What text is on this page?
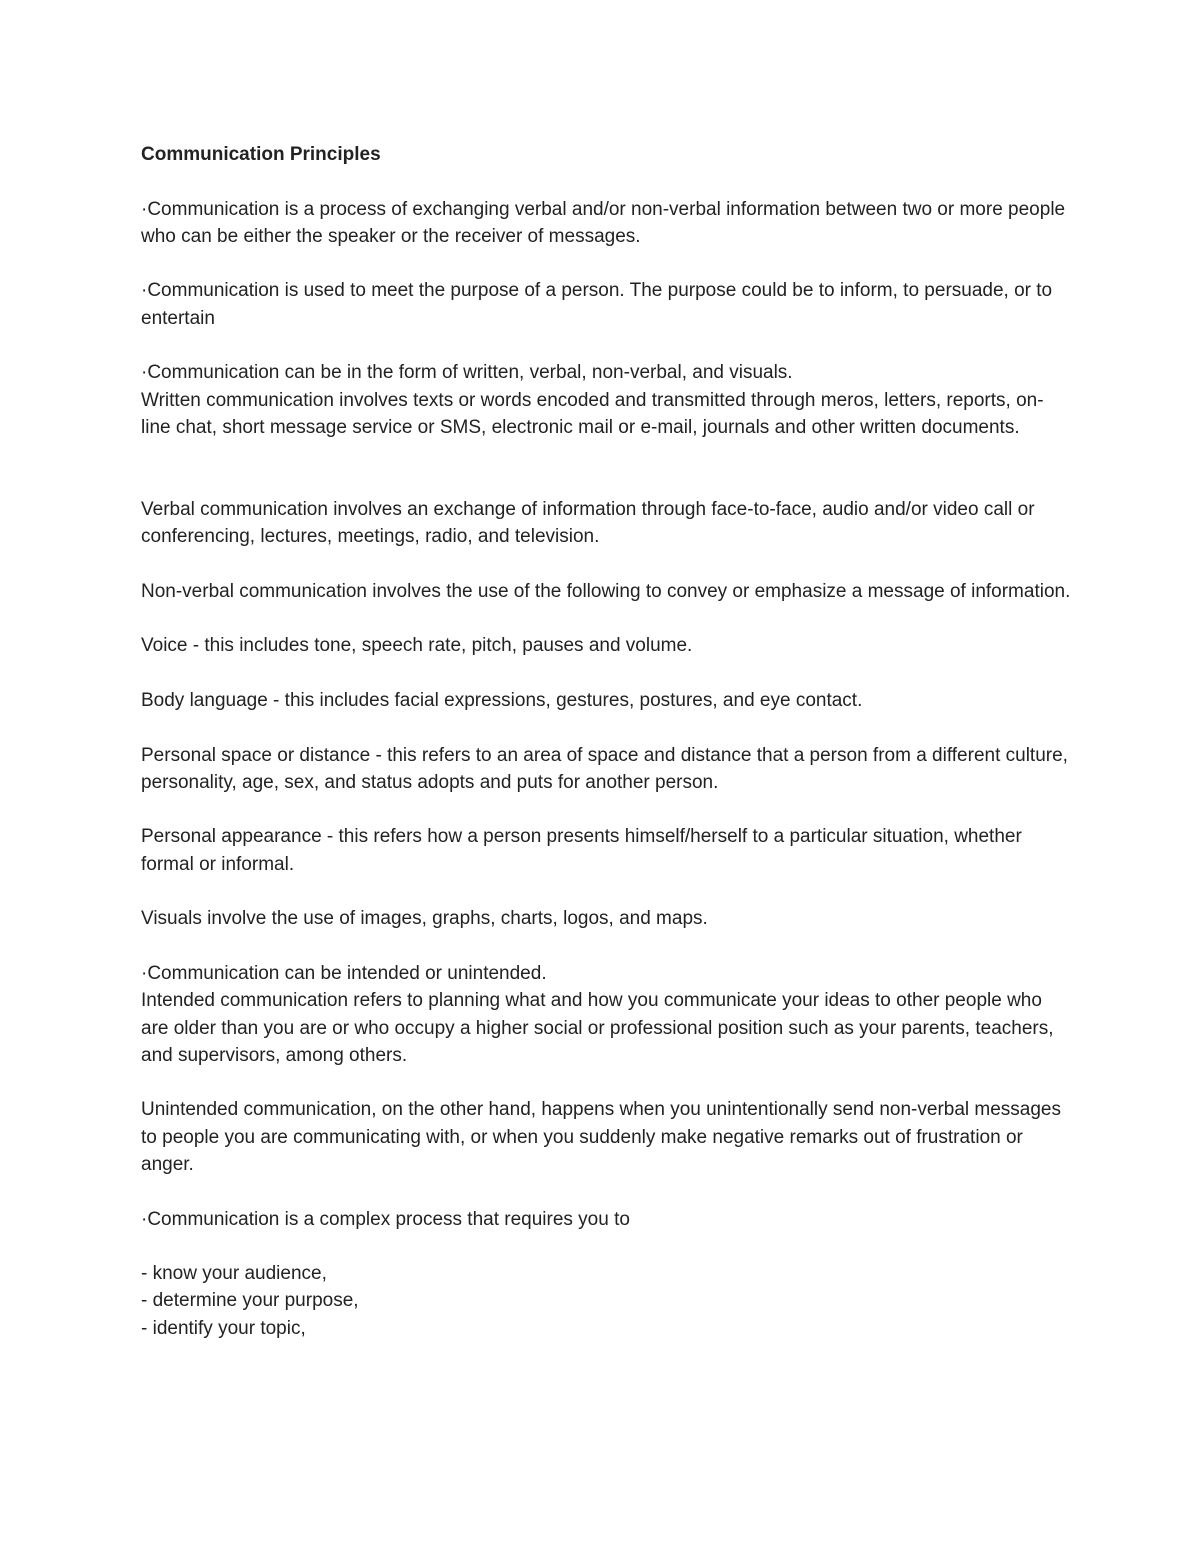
Communication Principles

·Communication is a process of exchanging verbal and/or non-verbal information between two or more people who can be either the speaker or the receiver of messages.

·Communication is used to meet the purpose of a person. The purpose could be to inform, to persuade, or to entertain

·Communication can be in the form of written, verbal, non-verbal, and visuals.
Written communication involves texts or words encoded and transmitted through meros, letters, reports, on-line chat, short message service or SMS, electronic mail or e-mail, journals and other written documents.

Verbal communication involves an exchange of information through face-to-face, audio and/or video call or conferencing, lectures, meetings, radio, and television.

Non-verbal communication involves the use of the following to convey or emphasize a message of information.

Voice - this includes tone, speech rate, pitch, pauses and volume.

Body language - this includes facial expressions, gestures, postures, and eye contact.

Personal space or distance - this refers to an area of space and distance that a person from a different culture, personality, age, sex, and status adopts and puts for another person.

Personal appearance - this refers how a person presents himself/herself to a particular situation, whether formal or informal.

Visuals involve the use of images, graphs, charts, logos, and maps.

·Communication can be intended or unintended.
Intended communication refers to planning what and how you communicate your ideas to other people who are older than you are or who occupy a higher social or professional position such as your parents, teachers, and supervisors, among others.

Unintended communication, on the other hand, happens when you unintentionally send non-verbal messages to people you are communicating with, or when you suddenly make negative remarks out of frustration or anger.

·Communication is a complex process that requires you to

- know your audience,
- determine your purpose,
- identify your topic,
